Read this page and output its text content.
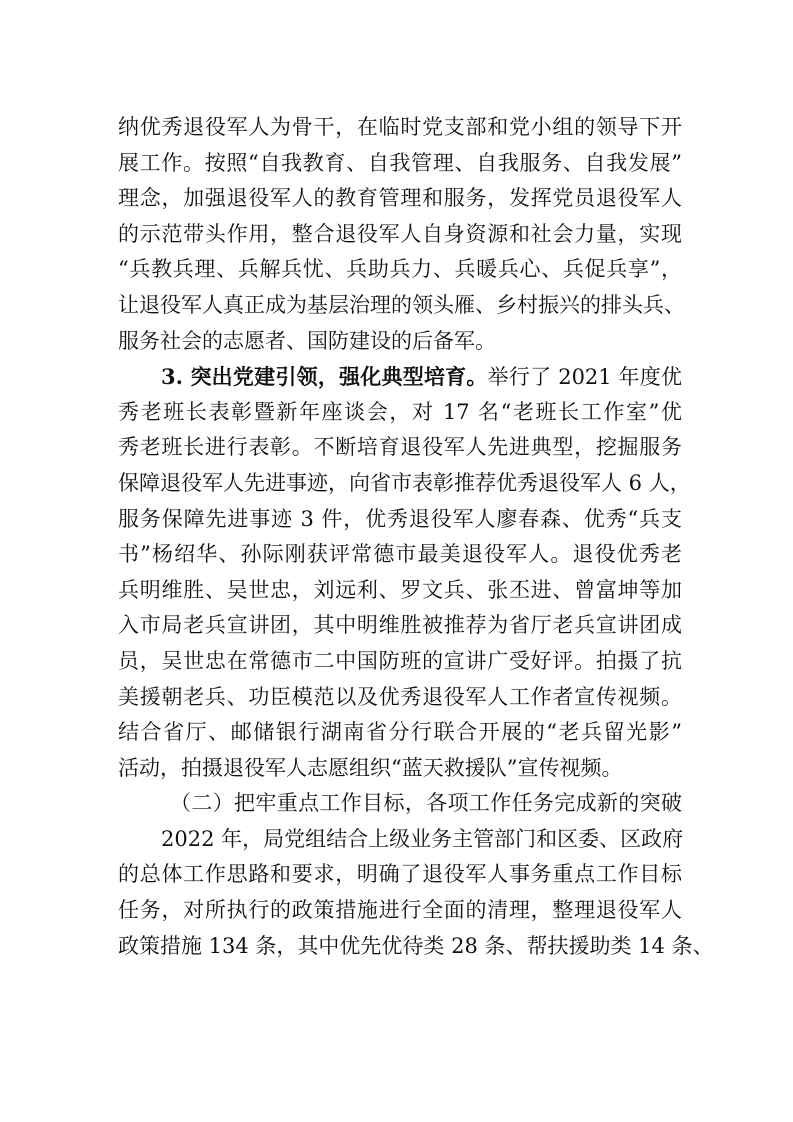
纳优秀退役军人为骨干，在临时党支部和党小组的领导下开
展工作。按照“自我教育、自我管理、自我服务、自我发展”
理念，加强退役军人的教育管理和服务，发挥党员退役军人
的示范带头作用，整合退役军人自身资源和社会力量，实现
“兵教兵理、兵解兵忧、兵助兵力、兵暖兵心、兵促兵享”，
让退役军人真正成为基层治理的领头雁、乡村振兴的排头兵、
服务社会的志愿者、国防建设的后备军。
3. 突出党建引领，强化典型培育。举行了 2021 年度优
秀老班长表彰暨新年座谈会，对 17 名“老班长工作室”优
秀老班长进行表彰。不断培育退役军人先进典型，挖掘服务
保障退役军人先进事迹，向省市表彰推荐优秀退役军人 6 人，
服务保障先进事迹 3 件，优秀退役军人廖春森、优秀“兵支
书”杨绍华、孙际刚获评常德市最美退役军人。退役优秀老
兵明维胜、吴世忠，刘远利、罗文兵、张丕进、曾富坤等加
入市局老兵宣讲团，其中明维胜被推荐为省厅老兵宣讲团成
员，吴世忠在常德市二中国防班的宣讲广受好评。拍摄了抗
美援朝老兵、功臣模范以及优秀退役军人工作者宣传视频。
结合省厅、邮储银行湖南省分行联合开展的“老兵留光影”
活动，拍摄退役军人志愿组织“蓝天救援队”宣传视频。
（二）把牢重点工作目标，各项工作任务完成新的突破
2022 年，局党组结合上级业务主管部门和区委、区政府
的总体工作思路和要求，明确了退役军人事务重点工作目标
任务，对所执行的政策措施进行全面的清理，整理退役军人
政策措施 134 条，其中优先优待类 28 条、帮扶援助类 14 条、
